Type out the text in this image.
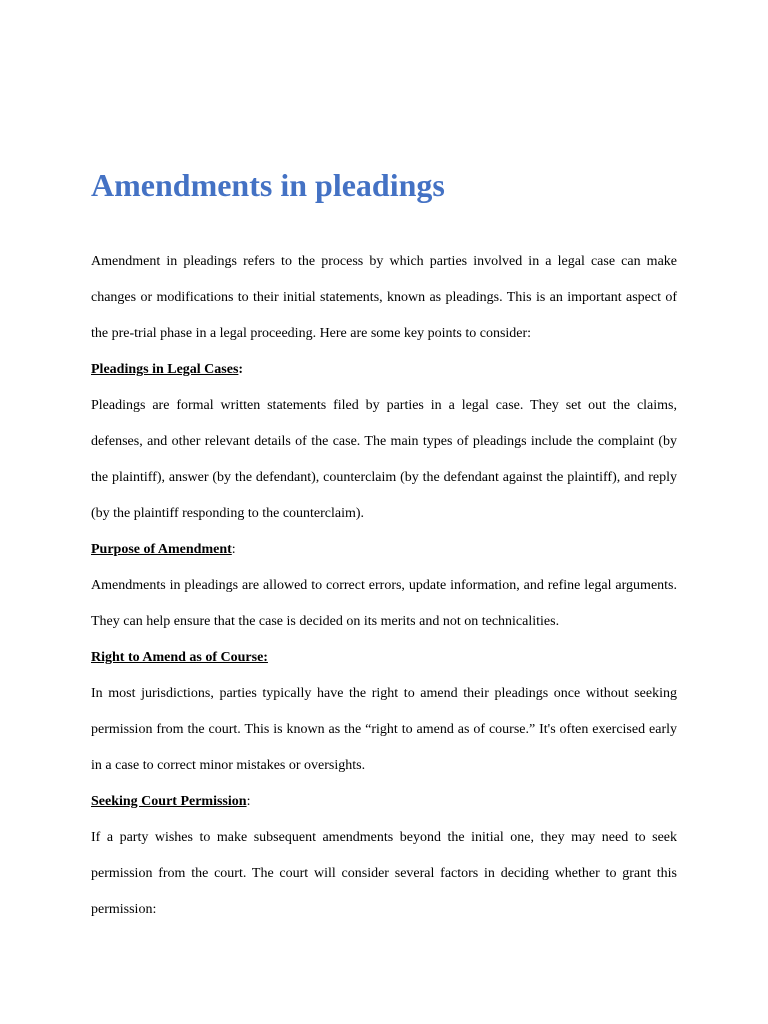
Amendments in pleadings

Amendment in pleadings refers to the process by which parties involved in a legal case can make changes or modifications to their initial statements, known as pleadings. This is an important aspect of the pre-trial phase in a legal proceeding. Here are some key points to consider:

Pleadings in Legal Cases:

Pleadings are formal written statements filed by parties in a legal case. They set out the claims, defenses, and other relevant details of the case. The main types of pleadings include the complaint (by the plaintiff), answer (by the defendant), counterclaim (by the defendant against the plaintiff), and reply (by the plaintiff responding to the counterclaim).

Purpose of Amendment:

Amendments in pleadings are allowed to correct errors, update information, and refine legal arguments. They can help ensure that the case is decided on its merits and not on technicalities.

Right to Amend as of Course:

In most jurisdictions, parties typically have the right to amend their pleadings once without seeking permission from the court. This is known as the “right to amend as of course.” It's often exercised early in a case to correct minor mistakes or oversights.

Seeking Court Permission:

If a party wishes to make subsequent amendments beyond the initial one, they may need to seek permission from the court. The court will consider several factors in deciding whether to grant this permission:
